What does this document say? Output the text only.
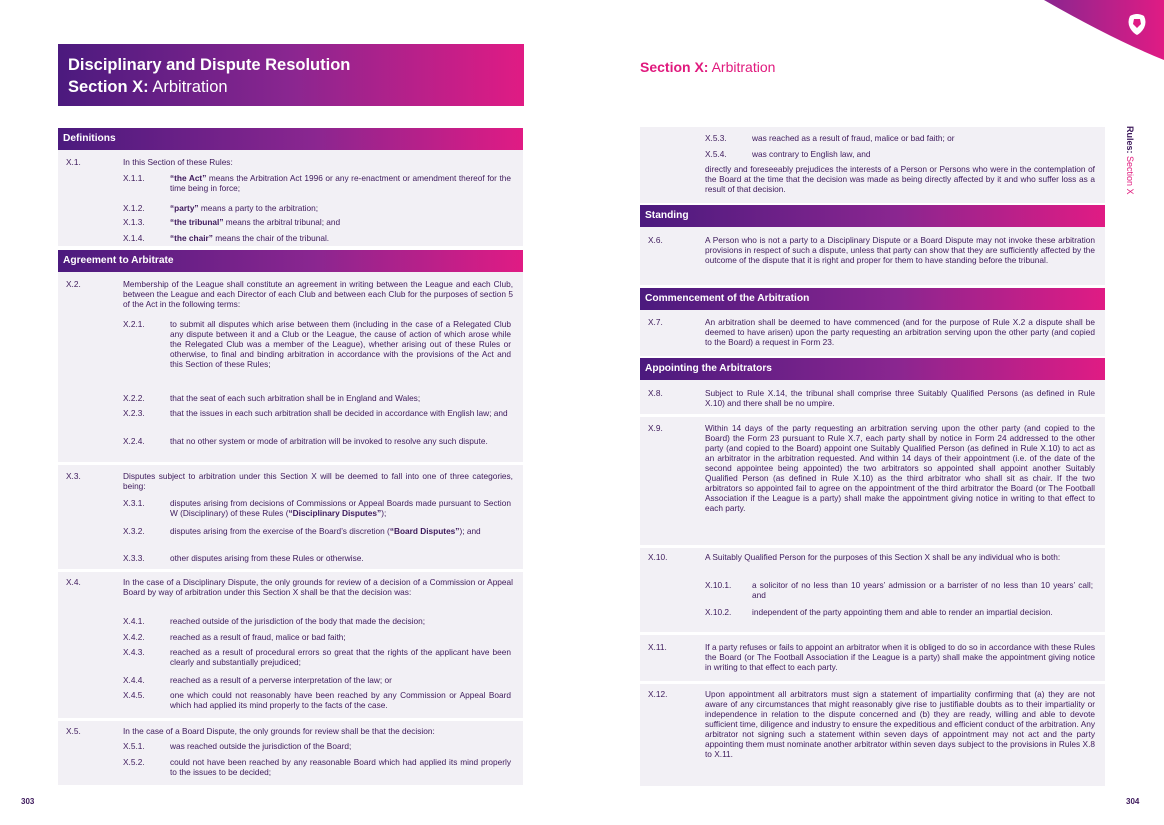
Disciplinary and Dispute Resolution
Section X: Arbitration
Definitions
X.1.	In this Section of these Rules:
X.1.1.	“the Act” means the Arbitration Act 1996 or any re-enactment or amendment thereof for the time being in force;
X.1.2.	“party” means a party to the arbitration;
X.1.3.	“the tribunal” means the arbitral tribunal; and
X.1.4.	“the chair” means the chair of the tribunal.
Agreement to Arbitrate
X.2.	Membership of the League shall constitute an agreement in writing between the League and each Club, between the League and each Director of each Club and between each Club for the purposes of section 5 of the Act in the following terms:
X.2.1.	to submit all disputes which arise between them (including in the case of a Relegated Club any dispute between it and a Club or the League, the cause of action of which arose while the Relegated Club was a member of the League), whether arising out of these Rules or otherwise, to final and binding arbitration in accordance with the provisions of the Act and this Section of these Rules;
X.2.2.	that the seat of each such arbitration shall be in England and Wales;
X.2.3.	that the issues in each such arbitration shall be decided in accordance with English law; and
X.2.4.	that no other system or mode of arbitration will be invoked to resolve any such dispute.
X.3.	Disputes subject to arbitration under this Section X will be deemed to fall into one of three categories, being:
X.3.1.	disputes arising from decisions of Commissions or Appeal Boards made pursuant to Section W (Disciplinary) of these Rules (“Disciplinary Disputes”);
X.3.2.	disputes arising from the exercise of the Board’s discretion (“Board Disputes”); and
X.3.3.	other disputes arising from these Rules or otherwise.
X.4.	In the case of a Disciplinary Dispute, the only grounds for review of a decision of a Commission or Appeal Board by way of arbitration under this Section X shall be that the decision was:
X.4.1.	reached outside of the jurisdiction of the body that made the decision;
X.4.2.	reached as a result of fraud, malice or bad faith;
X.4.3.	reached as a result of procedural errors so great that the rights of the applicant have been clearly and substantially prejudiced;
X.4.4.	reached as a result of a perverse interpretation of the law; or
X.4.5.	one which could not reasonably have been reached by any Commission or Appeal Board which had applied its mind properly to the facts of the case.
X.5.	In the case of a Board Dispute, the only grounds for review shall be that the decision:
X.5.1.	was reached outside the jurisdiction of the Board;
X.5.2.	could not have been reached by any reasonable Board which had applied its mind properly to the issues to be decided;
303
Section X: Arbitration
X.5.3.	was reached as a result of fraud, malice or bad faith; or
X.5.4.	was contrary to English law, and
directly and foreseeably prejudices the interests of a Person or Persons who were in the contemplation of the Board at the time that the decision was made as being directly affected by it and who suffer loss as a result of that decision.
Standing
X.6.	A Person who is not a party to a Disciplinary Dispute or a Board Dispute may not invoke these arbitration provisions in respect of such a dispute, unless that party can show that they are sufficiently affected by the outcome of the dispute that it is right and proper for them to have standing before the tribunal.
Commencement of the Arbitration
X.7.	An arbitration shall be deemed to have commenced (and for the purpose of Rule X.2 a dispute shall be deemed to have arisen) upon the party requesting an arbitration serving upon the other party (and copied to the Board) a request in Form 23.
Appointing the Arbitrators
X.8.	Subject to Rule X.14, the tribunal shall comprise three Suitably Qualified Persons (as defined in Rule X.10) and there shall be no umpire.
X.9.	Within 14 days of the party requesting an arbitration serving upon the other party (and copied to the Board) the Form 23 pursuant to Rule X.7, each party shall by notice in Form 24 addressed to the other party (and copied to the Board) appoint one Suitably Qualified Person (as defined in Rule X.10) to act as an arbitrator in the arbitration requested. And within 14 days of their appointment (i.e. of the date of the second appointee being appointed) the two arbitrators so appointed shall appoint another Suitably Qualified Person (as defined in Rule X.10) as the third arbitrator who shall sit as chair. If the two arbitrators so appointed fail to agree on the appointment of the third arbitrator the Board (or The Football Association if the League is a party) shall make the appointment giving notice in writing to that effect to each party.
X.10.	A Suitably Qualified Person for the purposes of this Section X shall be any individual who is both:
X.10.1. a solicitor of no less than 10 years’ admission or a barrister of no less than 10 years’ call; and
X.10.2. independent of the party appointing them and able to render an impartial decision.
X.11.	If a party refuses or fails to appoint an arbitrator when it is obliged to do so in accordance with these Rules the Board (or The Football Association if the League is a party) shall make the appointment giving notice in writing to that effect to each party.
X.12.	Upon appointment all arbitrators must sign a statement of impartiality confirming that (a) they are not aware of any circumstances that might reasonably give rise to justifiable doubts as to their impartiality or independence in relation to the dispute concerned and (b) they are ready, willing and able to devote sufficient time, diligence and industry to ensure the expeditious and efficient conduct of the arbitration. Any arbitrator not signing such a statement within seven days of appointment may not act and the party appointing them must nominate another arbitrator within seven days subject to the provisions in Rules X.8 to X.11.
304
Rules: Section X
